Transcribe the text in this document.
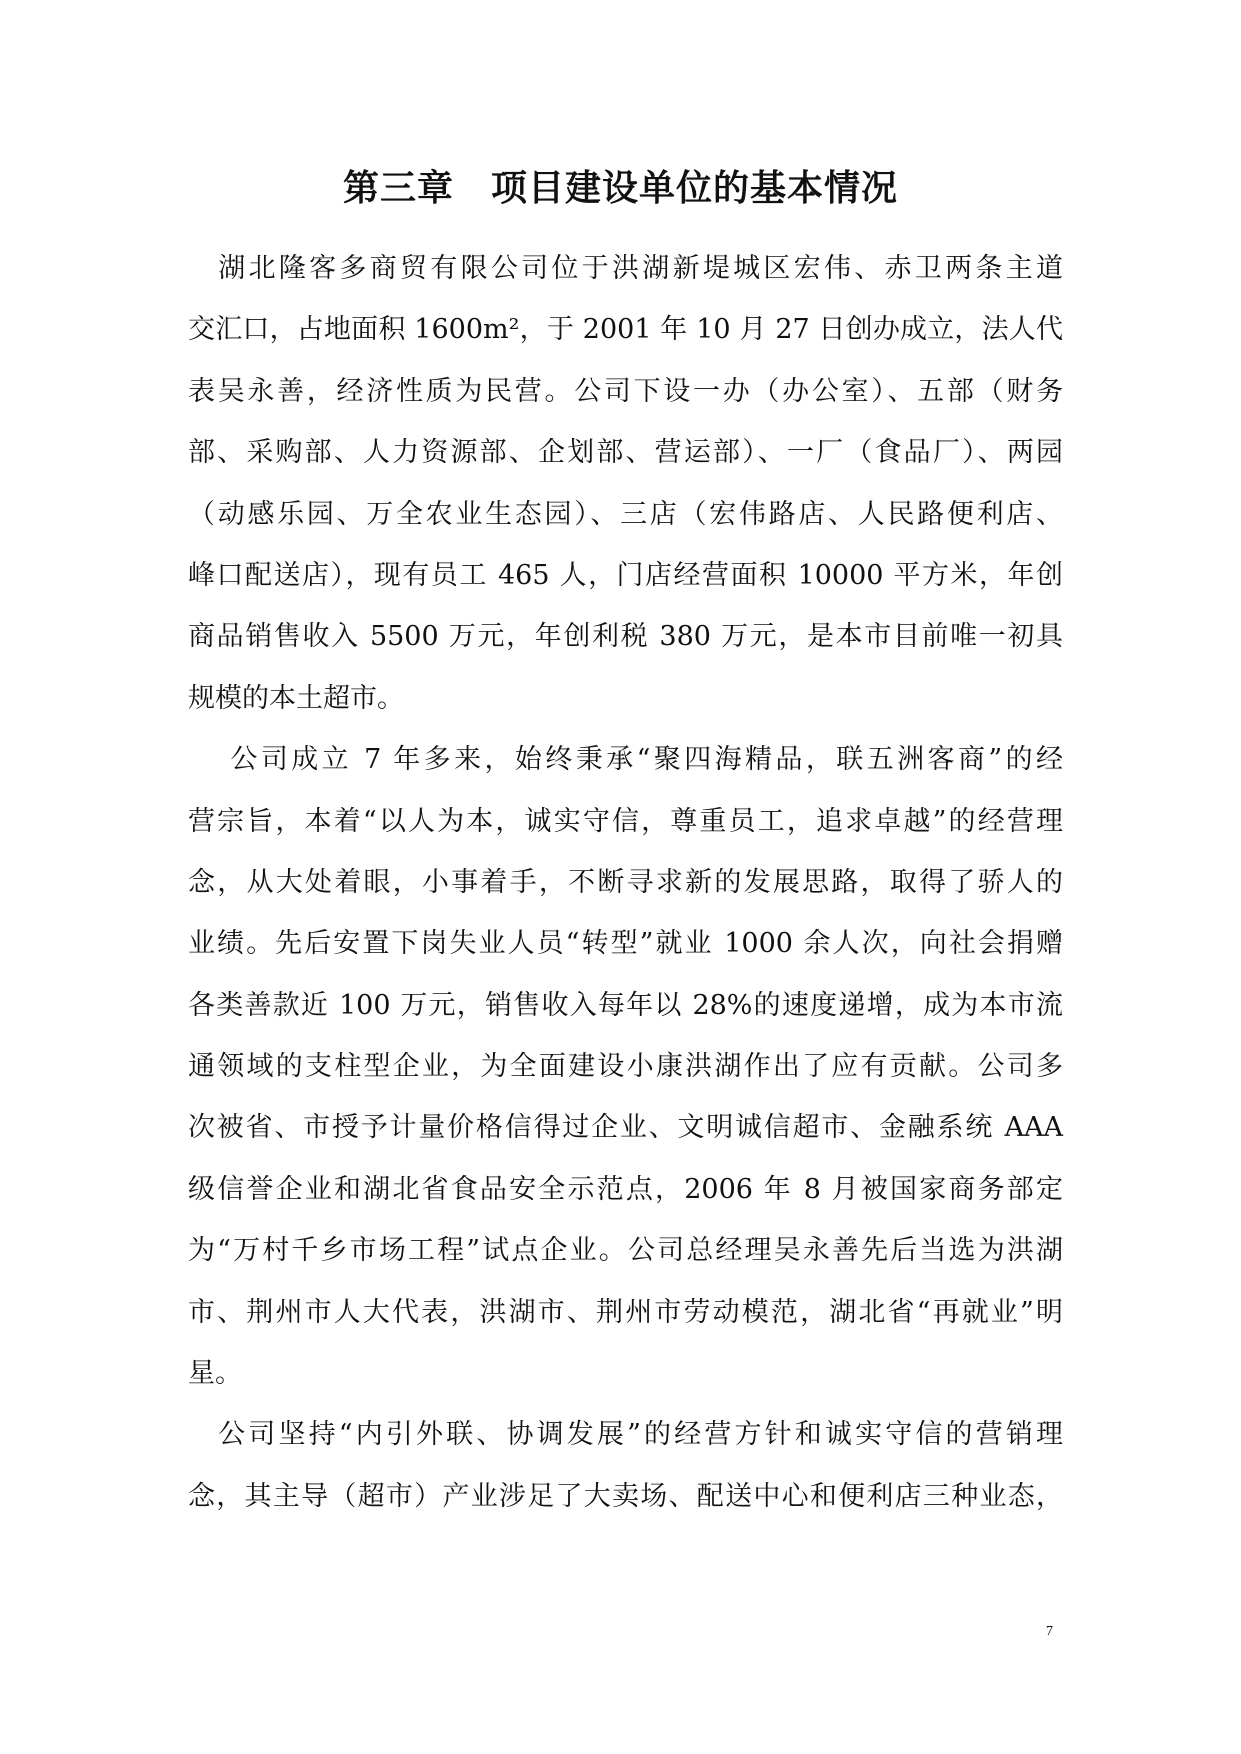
第三章　项目建设单位的基本情况
　湖北隆客多商贸有限公司位于洪湖新堤城区宏伟、赤卫两条主道
交汇口，占地面积 1600m²，于 2001 年 10 月 27 日创办成立，法人代
表吴永善，经济性质为民营。公司下设一办（办公室）、五部（财务
部、采购部、人力资源部、企划部、营运部）、一厂（食品厂）、两园
（动感乐园、万全农业生态园）、三店（宏伟路店、人民路便利店、
峰口配送店），现有员工 465 人，门店经营面积 10000 平方米，年创
商品销售收入 5500 万元，年创利税 380 万元，是本市目前唯一初具
规模的本土超市。
　 公司成立 7 年多来，始终秉承“聚四海精品，联五洲客商”的经
营宗旨，本着“以人为本，诚实守信，尊重员工，追求卓越”的经营理
念，从大处着眼，小事着手，不断寻求新的发展思路，取得了骄人的
业绩。先后安置下岗失业人员“转型”就业 1000 余人次，向社会捐赠
各类善款近 100 万元，销售收入每年以 28%的速度递增，成为本市流
通领域的支柱型企业，为全面建设小康洪湖作出了应有贡献。公司多
次被省、市授予计量价格信得过企业、文明诚信超市、金融系统 AAA
级信誉企业和湖北省食品安全示范点，2006 年 8 月被国家商务部定
为“万村千乡市场工程”试点企业。公司总经理吴永善先后当选为洪湖
市、荆州市人大代表，洪湖市、荆州市劳动模范，湖北省“再就业”明
星。
　公司坚持“内引外联、协调发展”的经营方针和诚实守信的营销理
念，其主导（超市）产业涉足了大卖场、配送中心和便利店三种业态，
7
